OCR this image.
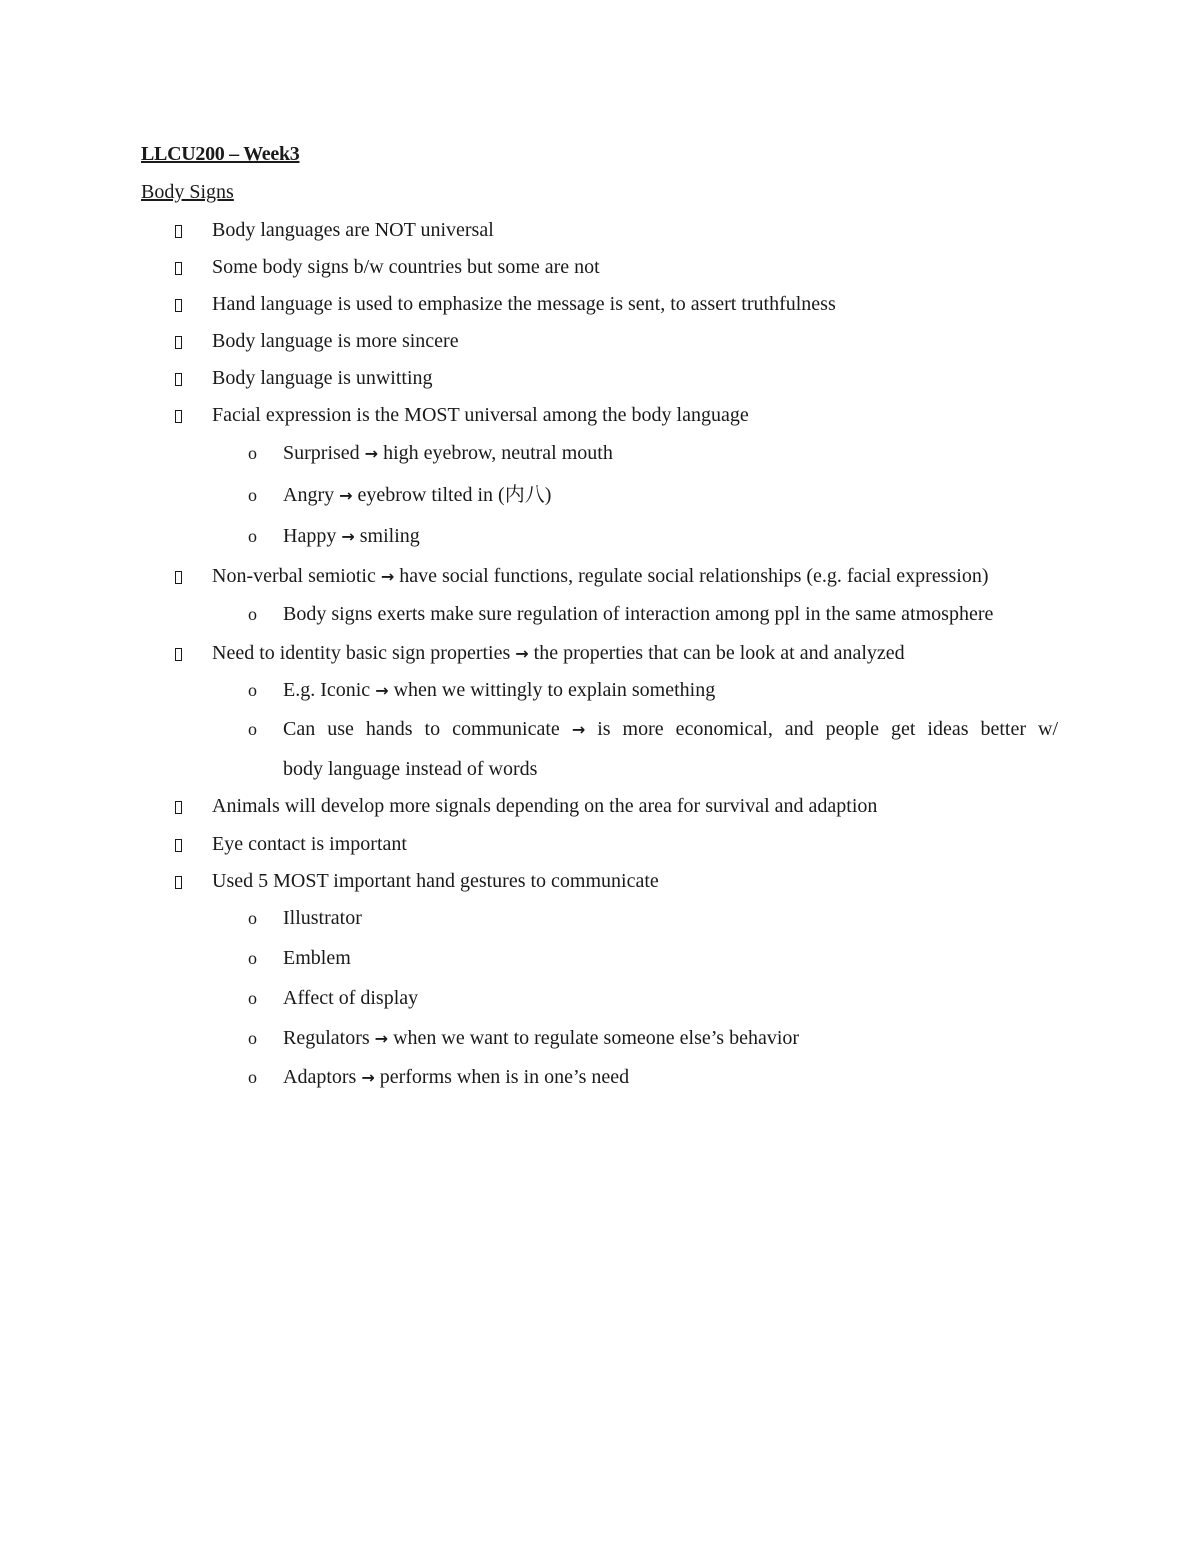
LLCU200 – Week3
Body Signs
Body languages are NOT universal
Some body signs b/w countries but some are not
Hand language is used to emphasize the message is sent, to assert truthfulness
Body language is more sincere
Body language is unwitting
Facial expression is the MOST universal among the body language
o Surprised → high eyebrow, neutral mouth
o Angry → eyebrow tilted in (内八)
o Happy → smiling
Non-verbal semiotic → have social functions, regulate social relationships (e.g. facial expression)
o Body signs exerts make sure regulation of interaction among ppl in the same atmosphere
Need to identity basic sign properties → the properties that can be look at and analyzed
o E.g. Iconic → when we wittingly to explain something
o Can use hands to communicate → is more economical, and people get ideas better w/
body language instead of words
Animals will develop more signals depending on the area for survival and adaption
Eye contact is important
Used 5 MOST important hand gestures to communicate
o Illustrator
o Emblem
o Affect of display
o Regulators → when we want to regulate someone else’s behavior
o Adaptors → performs when is in one’s need
